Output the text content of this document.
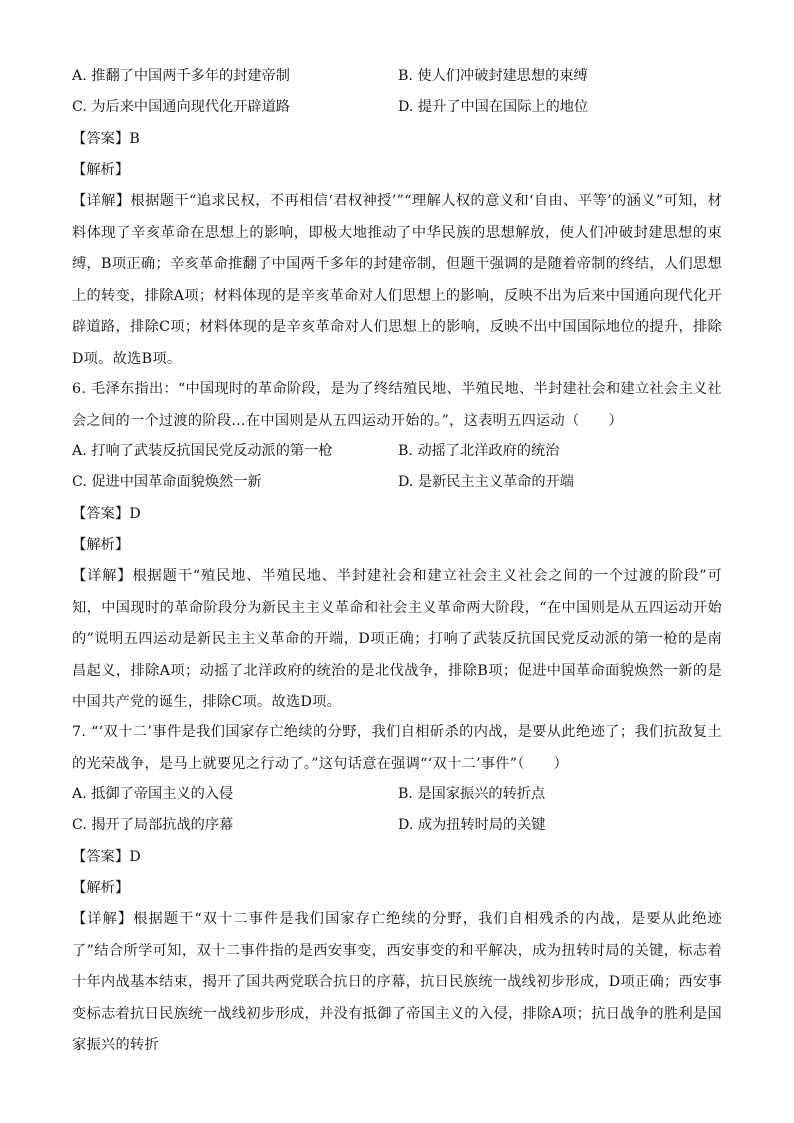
A. 推翻了中国两千多年的封建帝制	B. 使人们冲破封建思想的束缚
C. 为后来中国通向现代化开辟道路	D. 提升了中国在国际上的地位
【答案】B
【解析】
【详解】根据题干“追求民权，不再相信‘君权神授’”“理解人权的意义和‘自由、平等’的涵义”可知，材料体现了辛亥革命在思想上的影响，即极大地推动了中华民族的思想解放，使人们冲破封建思想的束缚，B项正确；辛亥革命推翻了中国两千多年的封建帝制，但题干强调的是随着帝制的终结，人们思想上的转变，排除A项；材料体现的是辛亥革命对人们思想上的影响，反映不出为后来中国通向现代化开辟道路，排除C项；材料体现的是辛亥革命对人们思想上的影响，反映不出中国国际地位的提升，排除D项。故选B项。
6. 毛泽东指出：“中国现时的革命阶段，是为了终结殖民地、半殖民地、半封建社会和建立社会主义社会之间的一个过渡的阶段…在中国则是从五四运动开始的。”，这表明五四运动（　　）
A. 打响了武装反抗国民党反动派的第一枪	B. 动摇了北洋政府的统治
C. 促进中国革命面貌焕然一新	D. 是新民主主义革命的开端
【答案】D
【解析】
【详解】根据题干“殖民地、半殖民地、半封建社会和建立社会主义社会之间的一个过渡的阶段”可知，中国现时的革命阶段分为新民主主义革命和社会主义革命两大阶段，“在中国则是从五四运动开始的”说明五四运动是新民主主义革命的开端，D项正确；打响了武装反抗国民党反动派的第一枪的是南昌起义，排除A项；动摇了北洋政府的统治的是北伐战争，排除B项；促进中国革命面貌焕然一新的是中国共产党的诞生，排除C项。故选D项。
7. “‘双十二’事件是我们国家存亡绝续的分野，我们自相斫杀的内战，是要从此绝迹了；我们抗敌复土的光荣战争，是马上就要见之行动了。”这句话意在强调“‘双十二’事件”（　　）
A. 抵御了帝国主义的入侵	B. 是国家振兴的转折点
C. 揭开了局部抗战的序幕	D. 成为扭转时局的关键
【答案】D
【解析】
【详解】根据题干“双十二事件是我们国家存亡绝续的分野，我们自相残杀的内战，是要从此绝迹了”结合所学可知，双十二事件指的是西安事变，西安事变的和平解决，成为扭转时局的关键，标志着十年内战基本结束，揭开了国共两党联合抗日的序幕，抗日民族统一战线初步形成，D项正确；西安事变标志着抗日民族统一战线初步形成，并没有抵御了帝国主义的入侵，排除A项；抗日战争的胜利是国家振兴的转折
